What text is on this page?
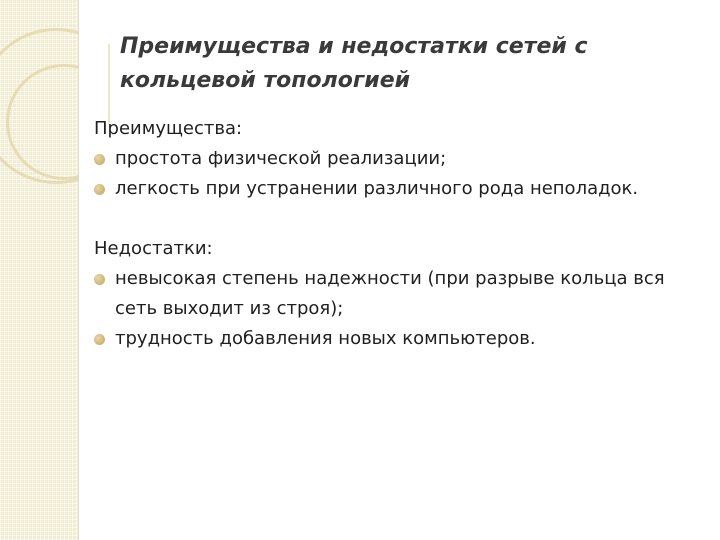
Преимущества и недостатки сетей с кольцевой топологией

Преимущества:

простота физической реализации;
легкость при устранении различного рода неполадок.

Недостатки:

невысокая степень надежности (при разрыве кольца вся сеть выходит из строя);
трудность добавления новых компьютеров.
